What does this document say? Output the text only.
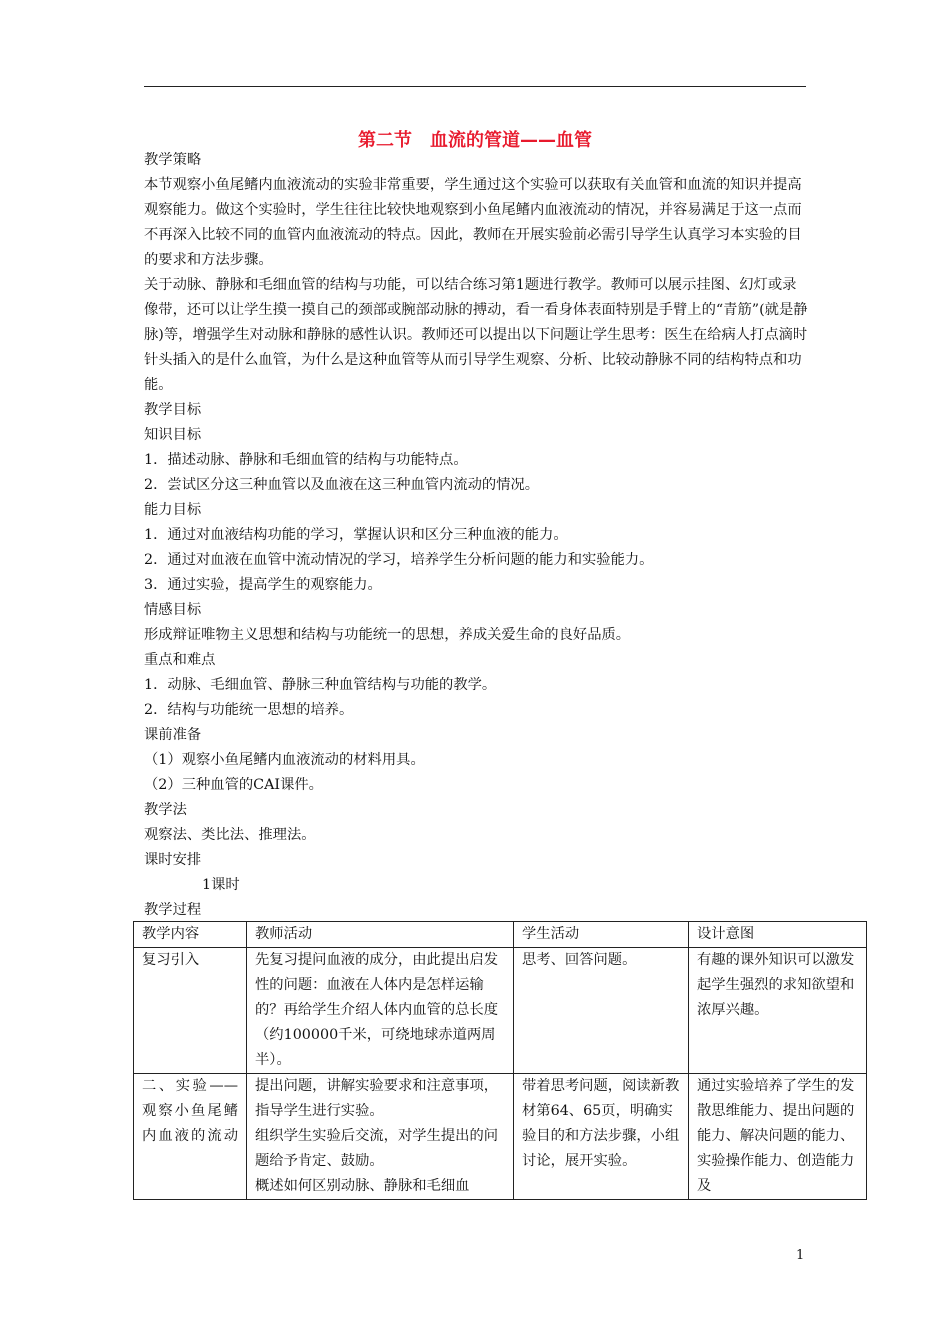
第二节　血流的管道——血管

教学策略

本节观察小鱼尾鳍内血液流动的实验非常重要，学生通过这个实验可以获取有关血管和血流的知识并提高观察能力。做这个实验时，学生往往比较快地观察到小鱼尾鳍内血液流动的情况，并容易满足于这一点而不再深入比较不同的血管内血液流动的特点。因此，教师在开展实验前必需引导学生认真学习本实验的目的要求和方法步骤。

关于动脉、静脉和毛细血管的结构与功能，可以结合练习第1题进行教学。教师可以展示挂图、幻灯或录像带，还可以让学生摸一摸自己的颈部或腕部动脉的搏动，看一看身体表面特别是手臂上的“青筋”(就是静脉)等，增强学生对动脉和静脉的感性认识。教师还可以提出以下问题让学生思考：医生在给病人打点滴时针头插入的是什么血管，为什么是这种血管等从而引导学生观察、分析、比较动静脉不同的结构特点和功能。

教学目标

知识目标

1．描述动脉、静脉和毛细血管的结构与功能特点。

2．尝试区分这三种血管以及血液在这三种血管内流动的情况。

能力目标

1．通过对血液结构功能的学习，掌握认识和区分三种血液的能力。

2．通过对血液在血管中流动情况的学习，培养学生分析问题的能力和实验能力。

3．通过实验，提高学生的观察能力。

情感目标

形成辩证唯物主义思想和结构与功能统一的思想，养成关爱生命的良好品质。

重点和难点

1．动脉、毛细血管、静脉三种血管结构与功能的教学。

2．结构与功能统一思想的培养。

课前准备

（1）观察小鱼尾鳍内血液流动的材料用具。

（2）三种血管的CAI课件。

教学法

观察法、类比法、推理法。

课时安排

1课时

教学过程

教学内容	教师活动	学生活动	设计意图
复习引入	先复习提问血液的成分，由此提出启发性的问题：血液在人体内是怎样运输的？再给学生介绍人体内血管的总长度（约100000千米，可绕地球赤道两周半）。	思考、回答问题。	有趣的课外知识可以激发起学生强烈的求知欲望和浓厚兴趣。
二、实验——观察小鱼尾鳍内血液的流动	提出问题，讲解实验要求和注意事项，指导学生进行实验。
组织学生实验后交流，对学生提出的问题给予肯定、鼓励。
概述如何区别动脉、静脉和毛细血	带着思考问题，阅读新教材第64、65页，明确实验目的和方法步骤，小组讨论，展开实验。	通过实验培养了学生的发散思维能力、提出问题的能力、解决问题的能力、实验操作能力、创造能力及
1
